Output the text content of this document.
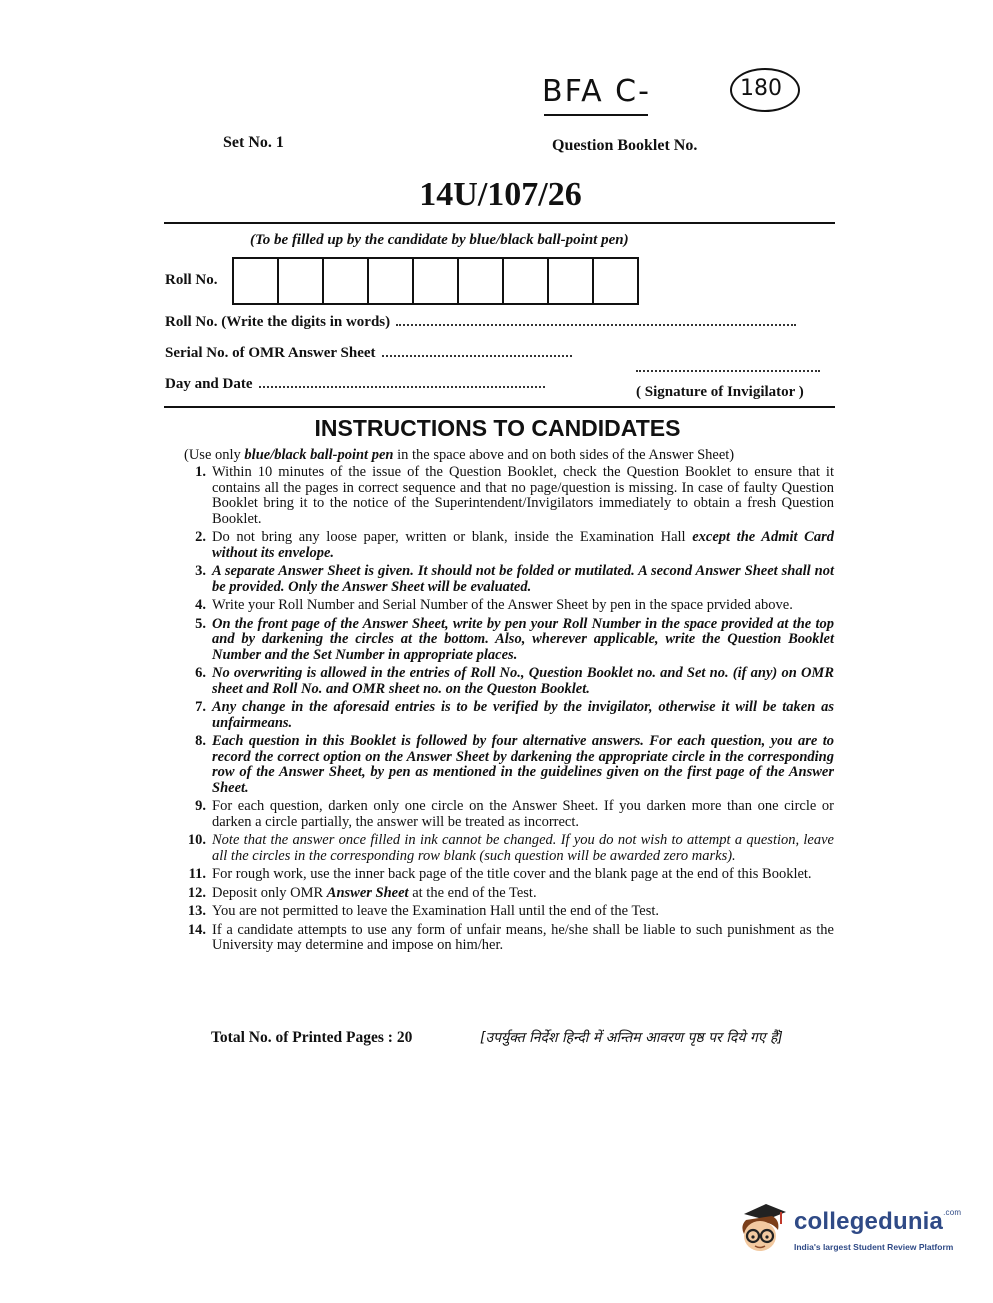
BFA C-	180
Set No. 1	Question Booklet No.
14U/107/26
(To be filled up by the candidate by blue/black ball-point pen)
Roll No.
Roll No. (Write the digits in words)
Serial No. of OMR Answer Sheet
Day and Date	( Signature of Invigilator )
INSTRUCTIONS TO CANDIDATES
(Use only blue/black ball-point pen in the space above and on both sides of the Answer Sheet)
1. Within 10 minutes of the issue of the Question Booklet, check the Question Booklet to ensure that it contains all the pages in correct sequence and that no page/question is missing. In case of faulty Question Booklet bring it to the notice of the Superintendent/Invigilators immediately to obtain a fresh Question Booklet.
2. Do not bring any loose paper, written or blank, inside the Examination Hall except the Admit Card without its envelope.
3. A separate Answer Sheet is given. It should not be folded or mutilated. A second Answer Sheet shall not be provided. Only the Answer Sheet will be evaluated.
4. Write your Roll Number and Serial Number of the Answer Sheet by pen in the space prvided above.
5. On the front page of the Answer Sheet, write by pen your Roll Number in the space provided at the top and by darkening the circles at the bottom. Also, wherever applicable, write the Question Booklet Number and the Set Number in appropriate places.
6. No overwriting is allowed in the entries of Roll No., Question Booklet no. and Set no. (if any) on OMR sheet and Roll No. and OMR sheet no. on the Queston Booklet.
7. Any change in the aforesaid entries is to be verified by the invigilator, otherwise it will be taken as unfairmeans.
8. Each question in this Booklet is followed by four alternative answers. For each question, you are to record the correct option on the Answer Sheet by darkening the appropriate circle in the corresponding row of the Answer Sheet, by pen as mentioned in the guidelines given on the first page of the Answer Sheet.
9. For each question, darken only one circle on the Answer Sheet. If you darken more than one circle or darken a circle partially, the answer will be treated as incorrect.
10. Note that the answer once filled in ink cannot be changed. If you do not wish to attempt a question, leave all the circles in the corresponding row blank (such question will be awarded zero marks).
11. For rough work, use the inner back page of the title cover and the blank page at the end of this Booklet.
12. Deposit only OMR Answer Sheet at the end of the Test.
13. You are not permitted to leave the Examination Hall until the end of the Test.
14. If a candidate attempts to use any form of unfair means, he/she shall be liable to such punishment as the University may determine and impose on him/her.
Total No. of Printed Pages : 20	[उपर्युक्त निर्देश हिन्दी में अन्तिम आवरण पृष्ठ पर दिये गए हैं]
collegedunia$^{.com}$
India's largest Student Review Platform
